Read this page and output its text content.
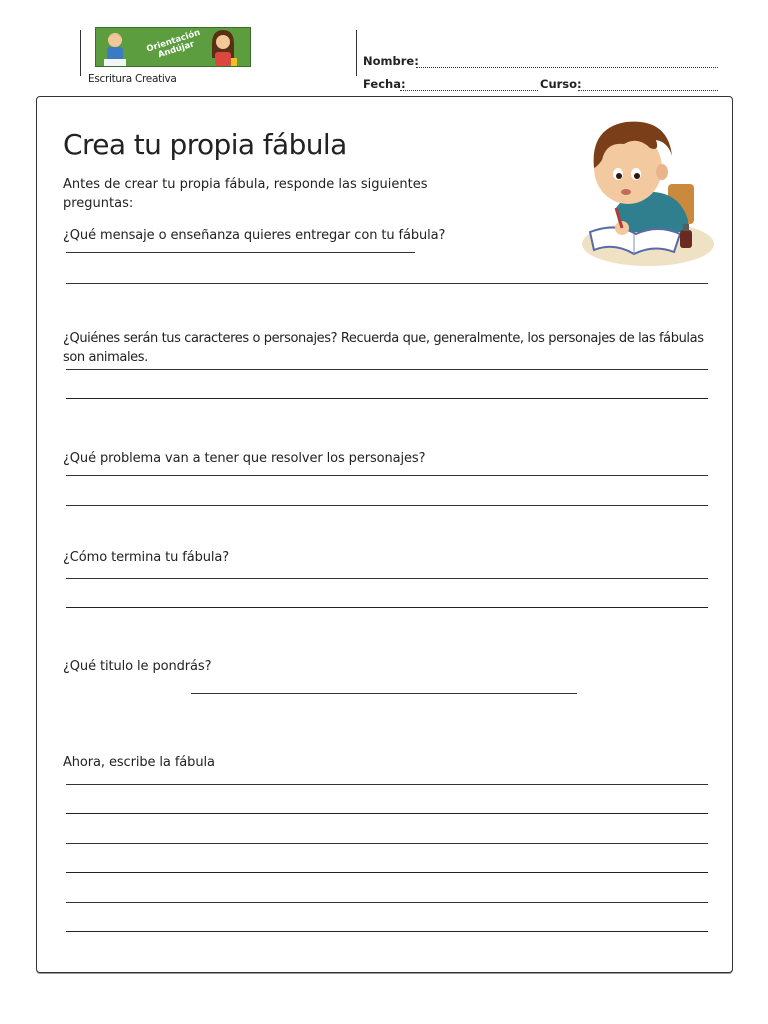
Orientación Andújar
Escritura Creativa
Nombre:
Fecha:	Curso:
Crea tu propia fábula
Antes de crear tu propia fábula, responde las siguientes preguntas:
¿Qué mensaje o enseñanza quieres entregar con tu fábula?
¿Quiénes serán tus caracteres o personajes? Recuerda que, generalmente, los personajes de las fábulas son animales.
¿Qué problema van a tener que resolver los personajes?
¿Cómo termina tu fábula?
¿Qué titulo le pondrás?
Ahora, escribe la fábula
